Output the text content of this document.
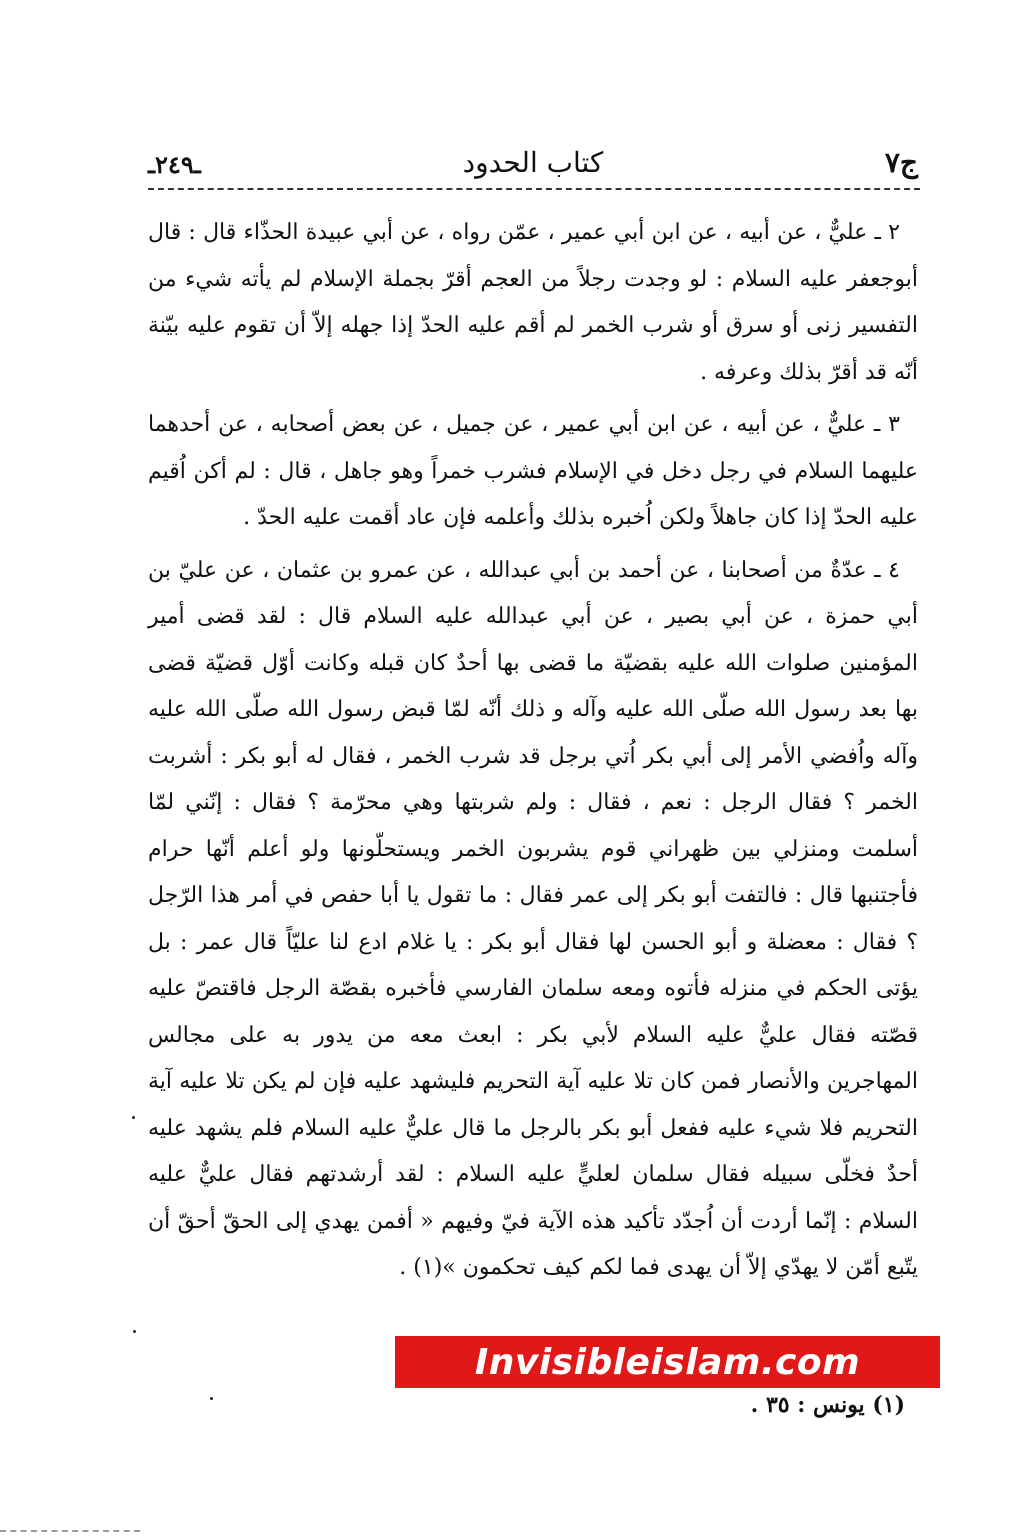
ـ٢٤٩ـ	كتاب الحدود	ج٧

٢ ـ عليٌّ ، عن أبيه ، عن ابن أبي عمير ، عمّن رواه ، عن أبي عبيدة الحذّاء قال : قال أبوجعفر عليه السلام : لو وجدت رجلاً من العجم أقرّ بجملة الإسلام لم يأته شيء من التفسير زنى أو سرق أو شرب الخمر لم أقم عليه الحدّ إذا جهله إلاّ أن تقوم عليه بيّنة أنّه قد أقرّ بذلك وعرفه .

٣ ـ عليٌّ ، عن أبيه ، عن ابن أبي عمير ، عن جميل ، عن بعض أصحابه ، عن أحدهما عليهما السلام في رجل دخل في الإسلام فشرب خمراً وهو جاهل ، قال : لم أكن اُقيم عليه الحدّ إذا كان جاهلاً ولكن اُخبره بذلك وأعلمه فإن عاد أقمت عليه الحدّ .

٤ ـ عدّةٌ من أصحابنا ، عن أحمد بن أبي عبدالله ، عن عمرو بن عثمان ، عن عليّ بن أبي حمزة ، عن أبي بصير ، عن أبي عبدالله عليه السلام قال : لقد قضى أمير المؤمنين صلوات الله عليه بقضيّة ما قضى بها أحدٌ كان قبله وكانت أوّل قضيّة قضى بها بعد رسول الله صلّى الله عليه وآله و ذلك أنّه لمّا قبض رسول الله صلّى الله عليه وآله واُفضي الأمر إلى أبي بكر اُتي برجل قد شرب الخمر ، فقال له أبو بكر : أشربت الخمر ؟ فقال الرجل : نعم ، فقال : ولم شربتها وهي محرّمة ؟ فقال : إنّني لمّا أسلمت ومنزلي بين ظهراني قوم يشربون الخمر ويستحلّونها ولو أعلم أنّها حرام فأجتنبها قال : فالتفت أبو بكر إلى عمر فقال : ما تقول يا أبا حفص في أمر هذا الرّجل ؟ فقال : معضلة و أبو الحسن لها فقال أبو بكر : يا غلام ادع لنا عليّاً قال عمر : بل يؤتى الحكم في منزله فأتوه ومعه سلمان الفارسي فأخبره بقصّة الرجل فاقتصّ عليه قصّته فقال عليٌّ عليه السلام لأبي بكر : ابعث معه من يدور به على مجالس المهاجرين والأنصار فمن كان تلا عليه آية التحريم فليشهد عليه فإن لم يكن تلا عليه آية التحريم فلا شيء عليه ففعل أبو بكر بالرجل ما قال عليٌّ عليه السلام فلم يشهد عليه أحدٌ فخلّى سبيله فقال سلمان لعليٍّ عليه السلام : لقد أرشدتهم فقال عليٌّ عليه السلام : إنّما أردت أن اُجدّد تأكيد هذه الآية فيّ وفيهم « أفمن يهدي إلى الحقّ أحقّ أن يتّبع أمّن لا يهدّي إلاّ أن يهدى فما لكم كيف تحكمون »(١) .

Invisibleislam.com
(١) يونس : ٣٥ .
